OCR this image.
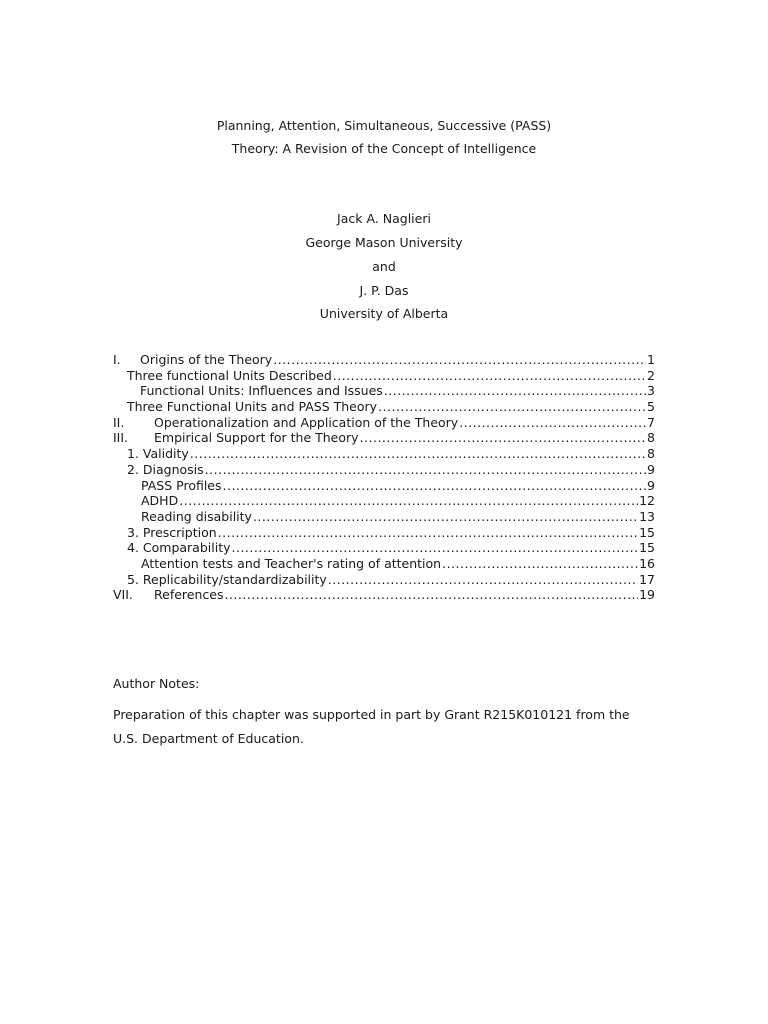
Planning, Attention, Simultaneous, Successive (PASS)
Theory: A Revision of the Concept of Intelligence
Jack A. Naglieri
George Mason University
and
J. P. Das
University of Alberta
I.	Origins of the Theory .....	1
Three functional Units Described .....	2
Functional Units: Influences and Issues .....	3
Three Functional Units and PASS Theory .....	5
II.	Operationalization and Application of the Theory .....	7
III.	Empirical Support for the Theory .....	8
1. Validity .....	8
2. Diagnosis .....	9
PASS Profiles .....	9
ADHD .....	12
Reading disability .....	13
3. Prescription .....	15
4. Comparability .....	15
Attention tests and Teacher's rating of attention .....	16
5. Replicability/standardizability .....	17
VII.	References .....	19
Author Notes:
Preparation of this chapter was supported in part by Grant R215K010121 from the
U.S. Department of Education.
